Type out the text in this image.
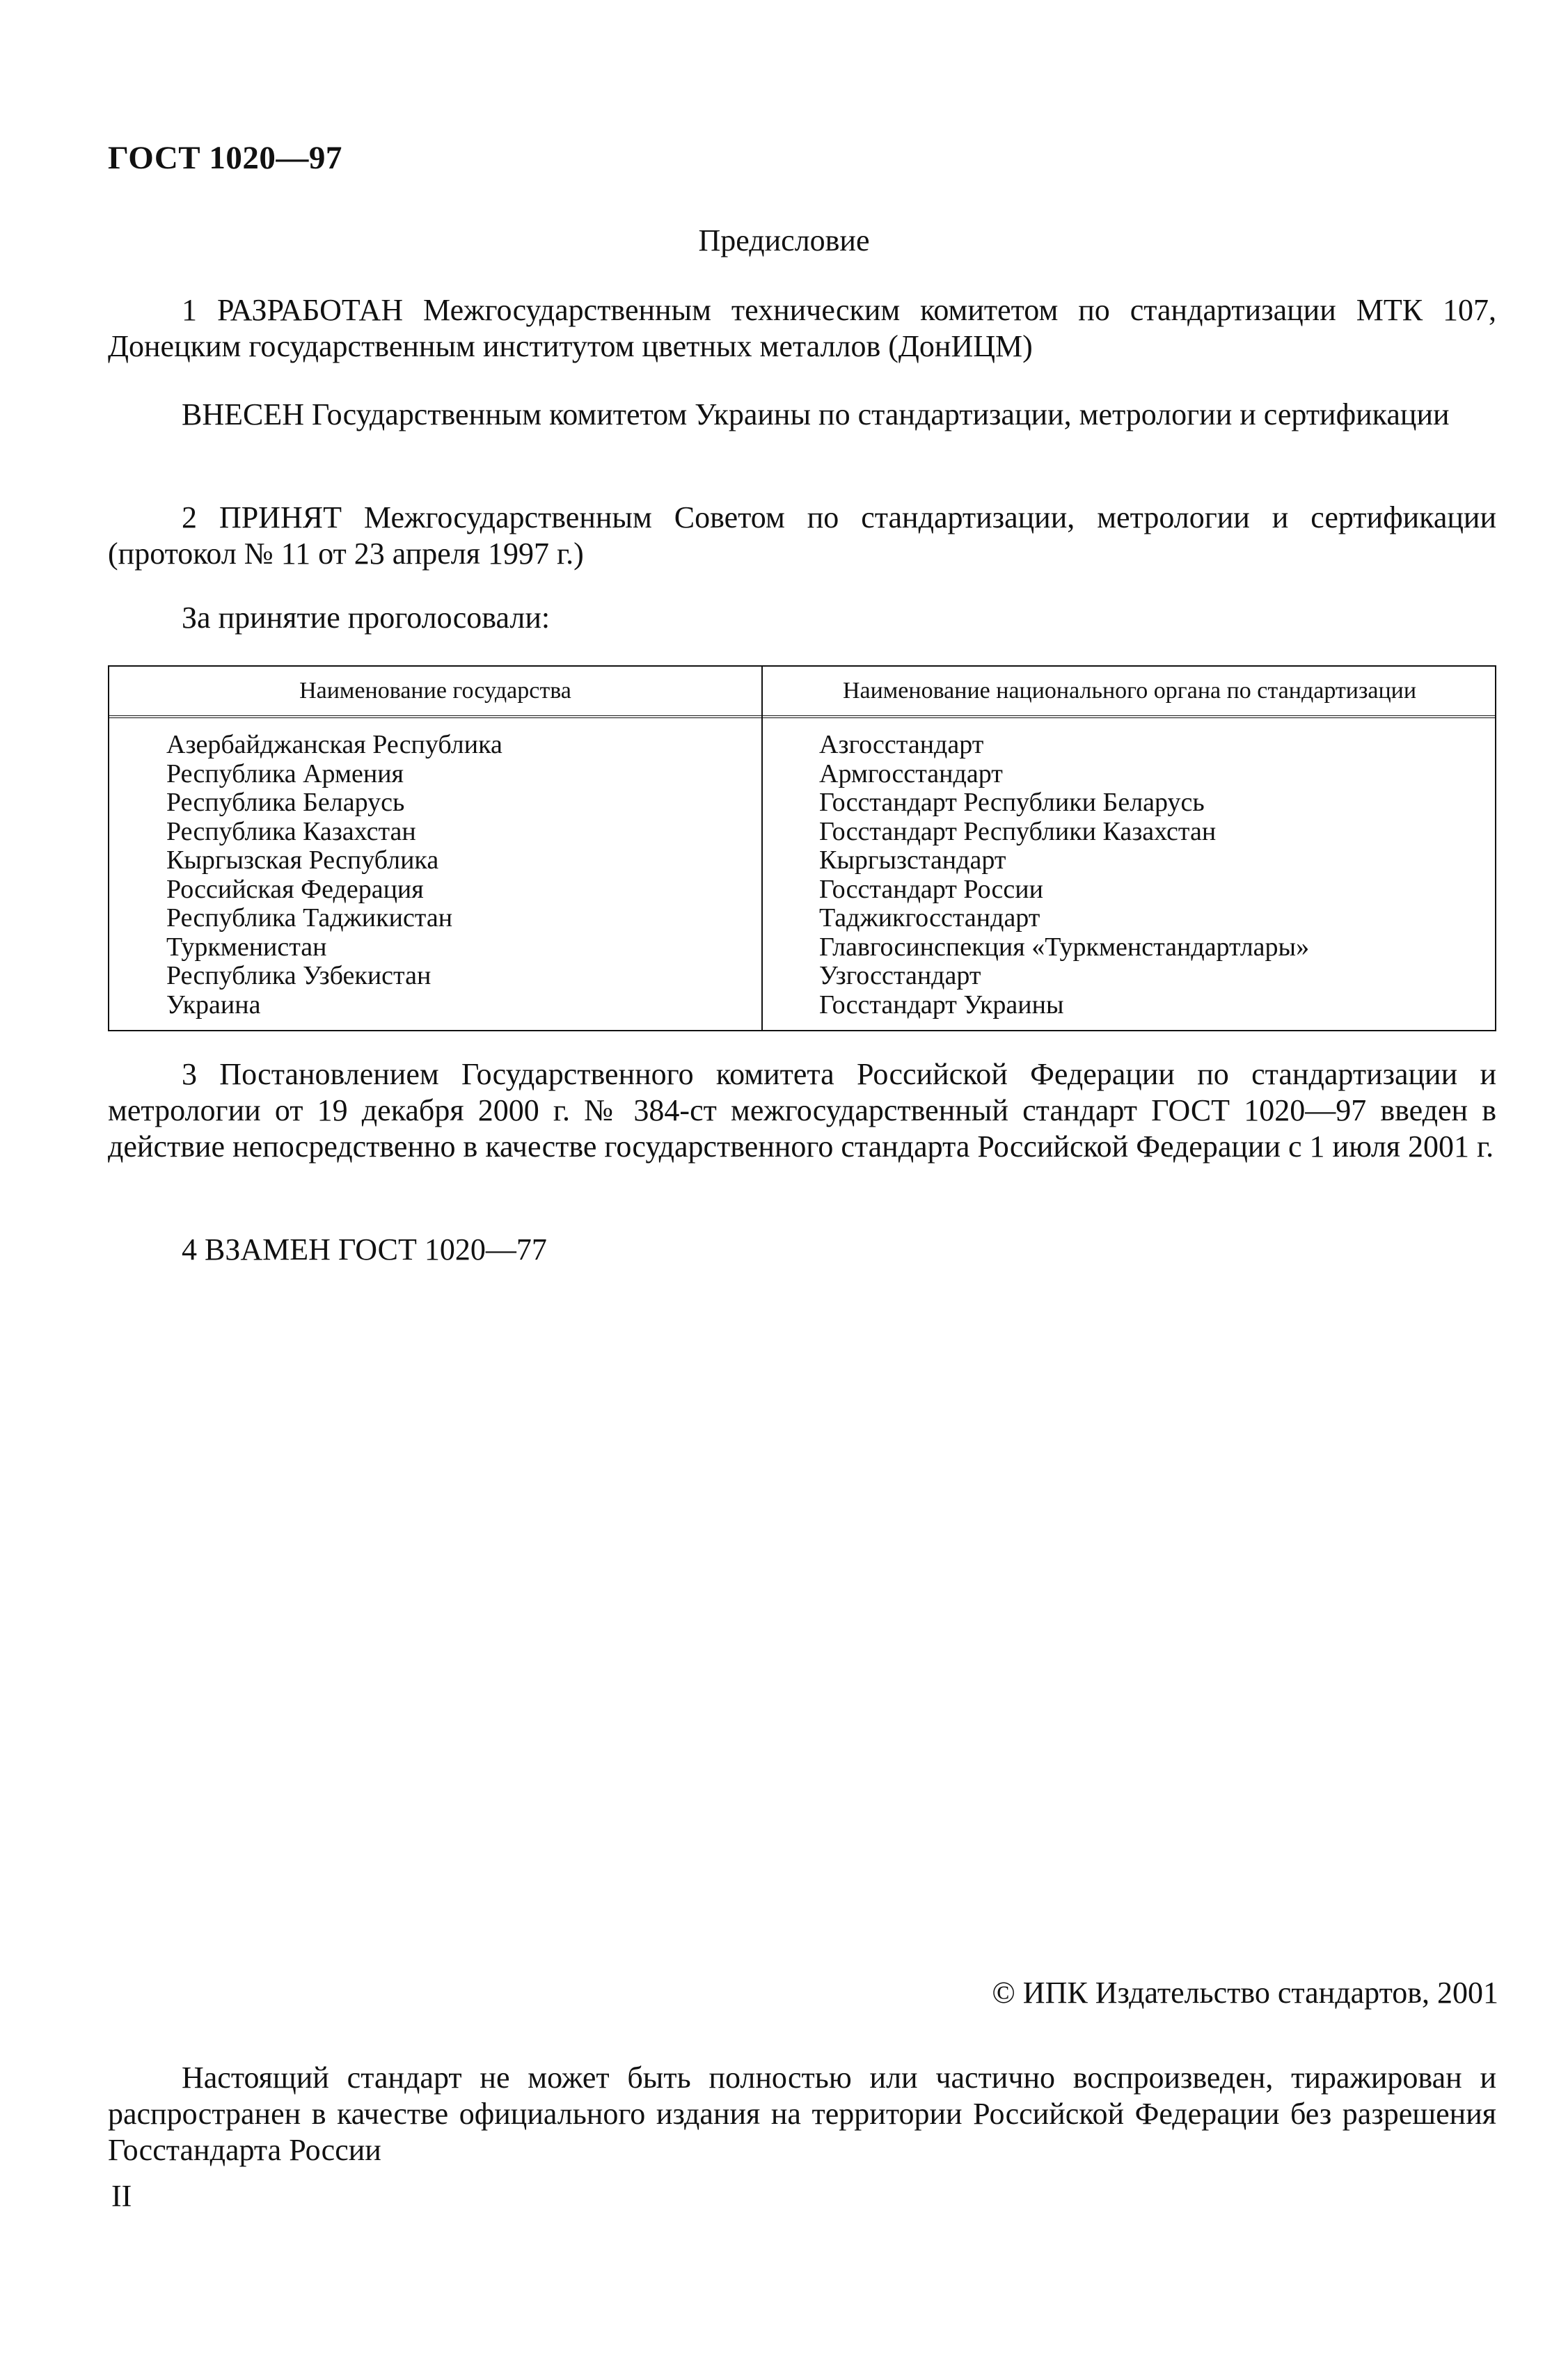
ГОСТ 1020—97
Предисловие

1 РАЗРАБОТАН Межгосударственным техническим комитетом по стандартизации МТК 107, Донецким государственным институтом цветных металлов (ДонИЦМ)

ВНЕСЕН Государственным комитетом Украины по стандартизации, метрологии и сертификации

2 ПРИНЯТ Межгосударственным Советом по стандартизации, метрологии и сертификации (протокол № 11 от 23 апреля 1997 г.)

За принятие проголосовали:

Наименование государства	Наименование национального органа по стандартизации
Азербайджанская Республика
Республика Армения
Республика Беларусь
Республика Казахстан
Кыргызская Республика
Российская Федерация
Республика Таджикистан
Туркменистан
Республика Узбекистан
Украина
Азгосстандарт
Армгосстандарт
Госстандарт Республики Беларусь
Госстандарт Республики Казахстан
Кыргызстандарт
Госстандарт России
Таджикгосстандарт
Главгосинспекция «Туркменстандартлары»
Узгосстандарт
Госстандарт Украины

3 Постановлением Государственного комитета Российской Федерации по стандартизации и метрологии от 19 декабря 2000 г. № 384-ст межгосударственный стандарт ГОСТ 1020—97 введен в действие непосредственно в качестве государственного стандарта Российской Федерации с 1 июля 2001 г.

4 ВЗАМЕН ГОСТ 1020—77

© ИПК Издательство стандартов, 2001

Настоящий стандарт не может быть полностью или частично воспроизведен, тиражирован и распространен в качестве официального издания на территории Российской Федерации без разрешения Госстандарта России

II
